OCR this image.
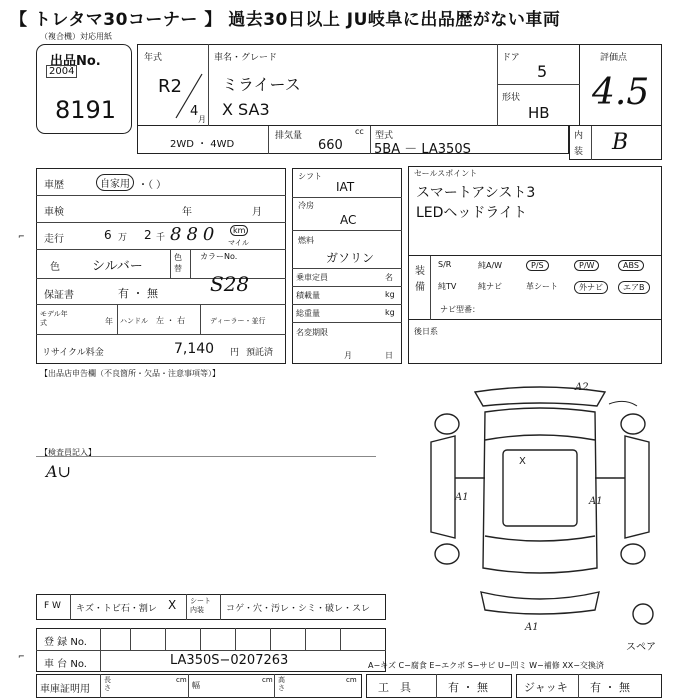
【 トレタマ30コーナー 】 過去30日以上 JU岐阜に出品歴がない車両
（複合機）対応用紙
出品No.
2004
8191
年式
R2
4
月
車名・グレード
ミライース
X SA3
ドア
5
形状
HB
評価点
4.5
内
装 B
2WD ・ 4WD
排気量	cc
660
型式
5BA － LA350S
車歴	自家用 ・（ ）
車検	年	月
走行	6 万 2 千 880	km
マイル
色 シルバー
色替
カラーNo.
S28
保証書	有 ・ 無
モデル年式	年 ハンドル 左 ・ 右	ディーラー・並行
リサイクル料金	7,140 円 預託済
シフト
IAT
冷房
AC
燃料
ガソリン
乗車定員	名
積載量	kg
総重量	kg
名変期限
月	日
セールスポイント
スマートアシスト3
LEDヘッドライト
装備
S/R	純A/W	P/S	P/W	ABS
純TV	純ナビ	革シート	外ナビ	エアB
ナビ型番：
後日系
【出品店申告欄（不良箇所・欠品・注意事項等）】
⌐
【検査員記入】
A∪
A2
X
A1	A1
A1
スペア
F W キズ・トビ石・割レ X シート内装	コゲ・穴・汚レ・シミ・破レ・スレ
登 録 No.
車 台 No.	LA350S−0207263
⌐
A−キズ C−腐食 E−エクボ S−サビ U−凹ミ W−補修 XX−交換済
車庫証明用
長さ
cm
幅
cm 高さ
cm
工　具	有 ・ 無	ジャッキ 有 ・ 無
